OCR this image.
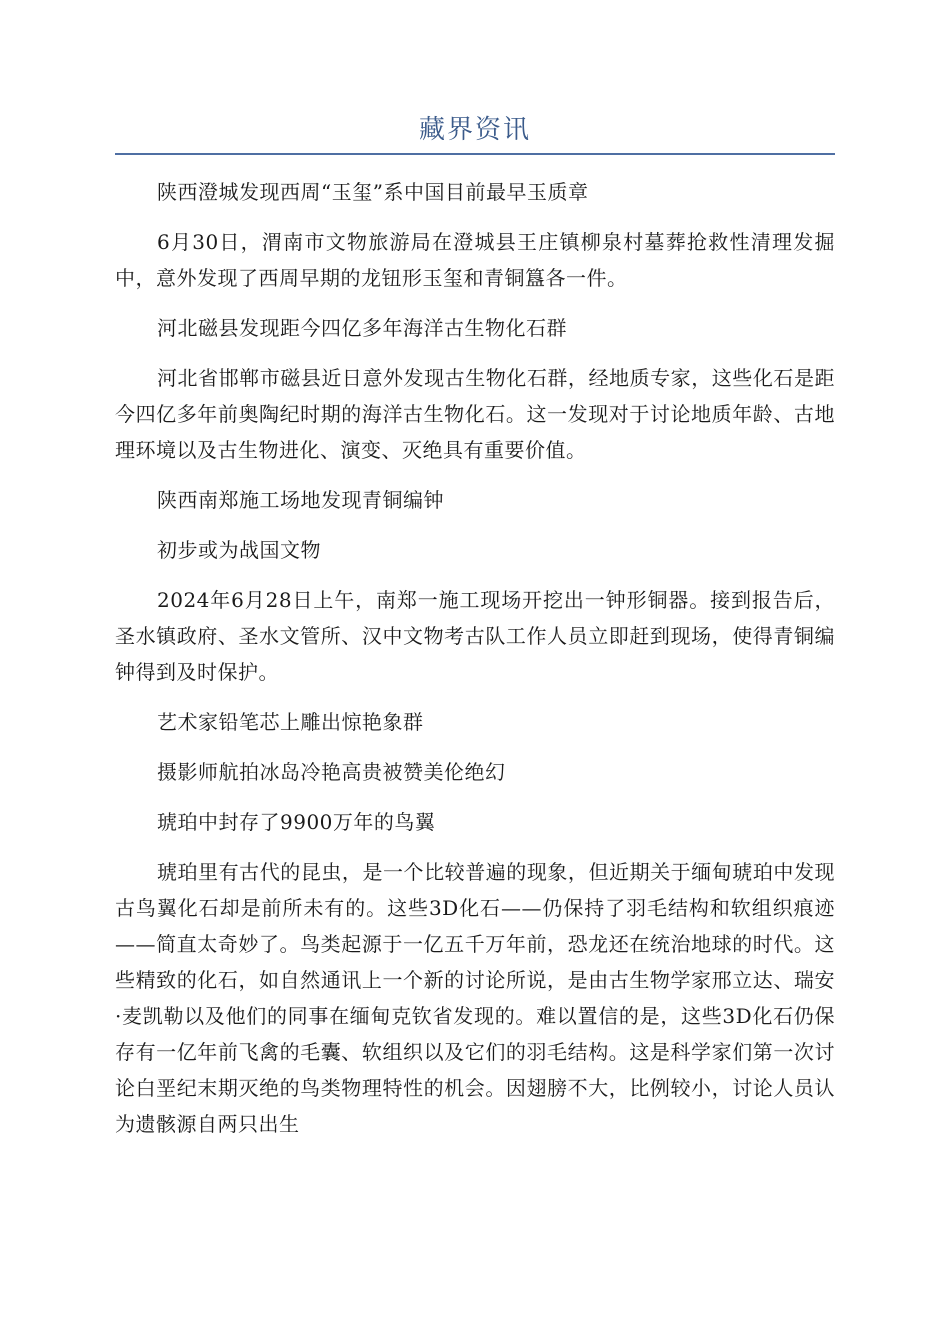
藏界资讯

陕西澄城发现西周“玉玺”系中国目前最早玉质章

6月30日，渭南市文物旅游局在澄城县王庄镇柳泉村墓葬抢救性清理发掘中，意外发现了西周早期的龙钮形玉玺和青铜簋各一件。

河北磁县发现距今四亿多年海洋古生物化石群

河北省邯郸市磁县近日意外发现古生物化石群，经地质专家，这些化石是距今四亿多年前奥陶纪时期的海洋古生物化石。这一发现对于讨论地质年龄、古地理环境以及古生物进化、演变、灭绝具有重要价值。

陕西南郑施工场地发现青铜编钟

初步或为战国文物

2024年6月28日上午，南郑一施工现场开挖出一钟形铜器。接到报告后，圣水镇政府、圣水文管所、汉中文物考古队工作人员立即赶到现场，使得青铜编钟得到及时保护。

艺术家铅笔芯上雕出惊艳象群

摄影师航拍冰岛冷艳高贵被赞美伦绝幻

琥珀中封存了9900万年的鸟翼

琥珀里有古代的昆虫，是一个比较普遍的现象，但近期关于缅甸琥珀中发现古鸟翼化石却是前所未有的。这些3D化石——仍保持了羽毛结构和软组织痕迹——简直太奇妙了。鸟类起源于一亿五千万年前，恐龙还在统治地球的时代。这些精致的化石，如自然通讯上一个新的讨论所说，是由古生物学家邢立达、瑞安·麦凯勒以及他们的同事在缅甸克钦省发现的。难以置信的是，这些3D化石仍保存有一亿年前飞禽的毛囊、软组织以及它们的羽毛结构。这是科学家们第一次讨论白垩纪末期灭绝的鸟类物理特性的机会。因翅膀不大，比例较小，讨论人员认为遗骸源自两只出生
